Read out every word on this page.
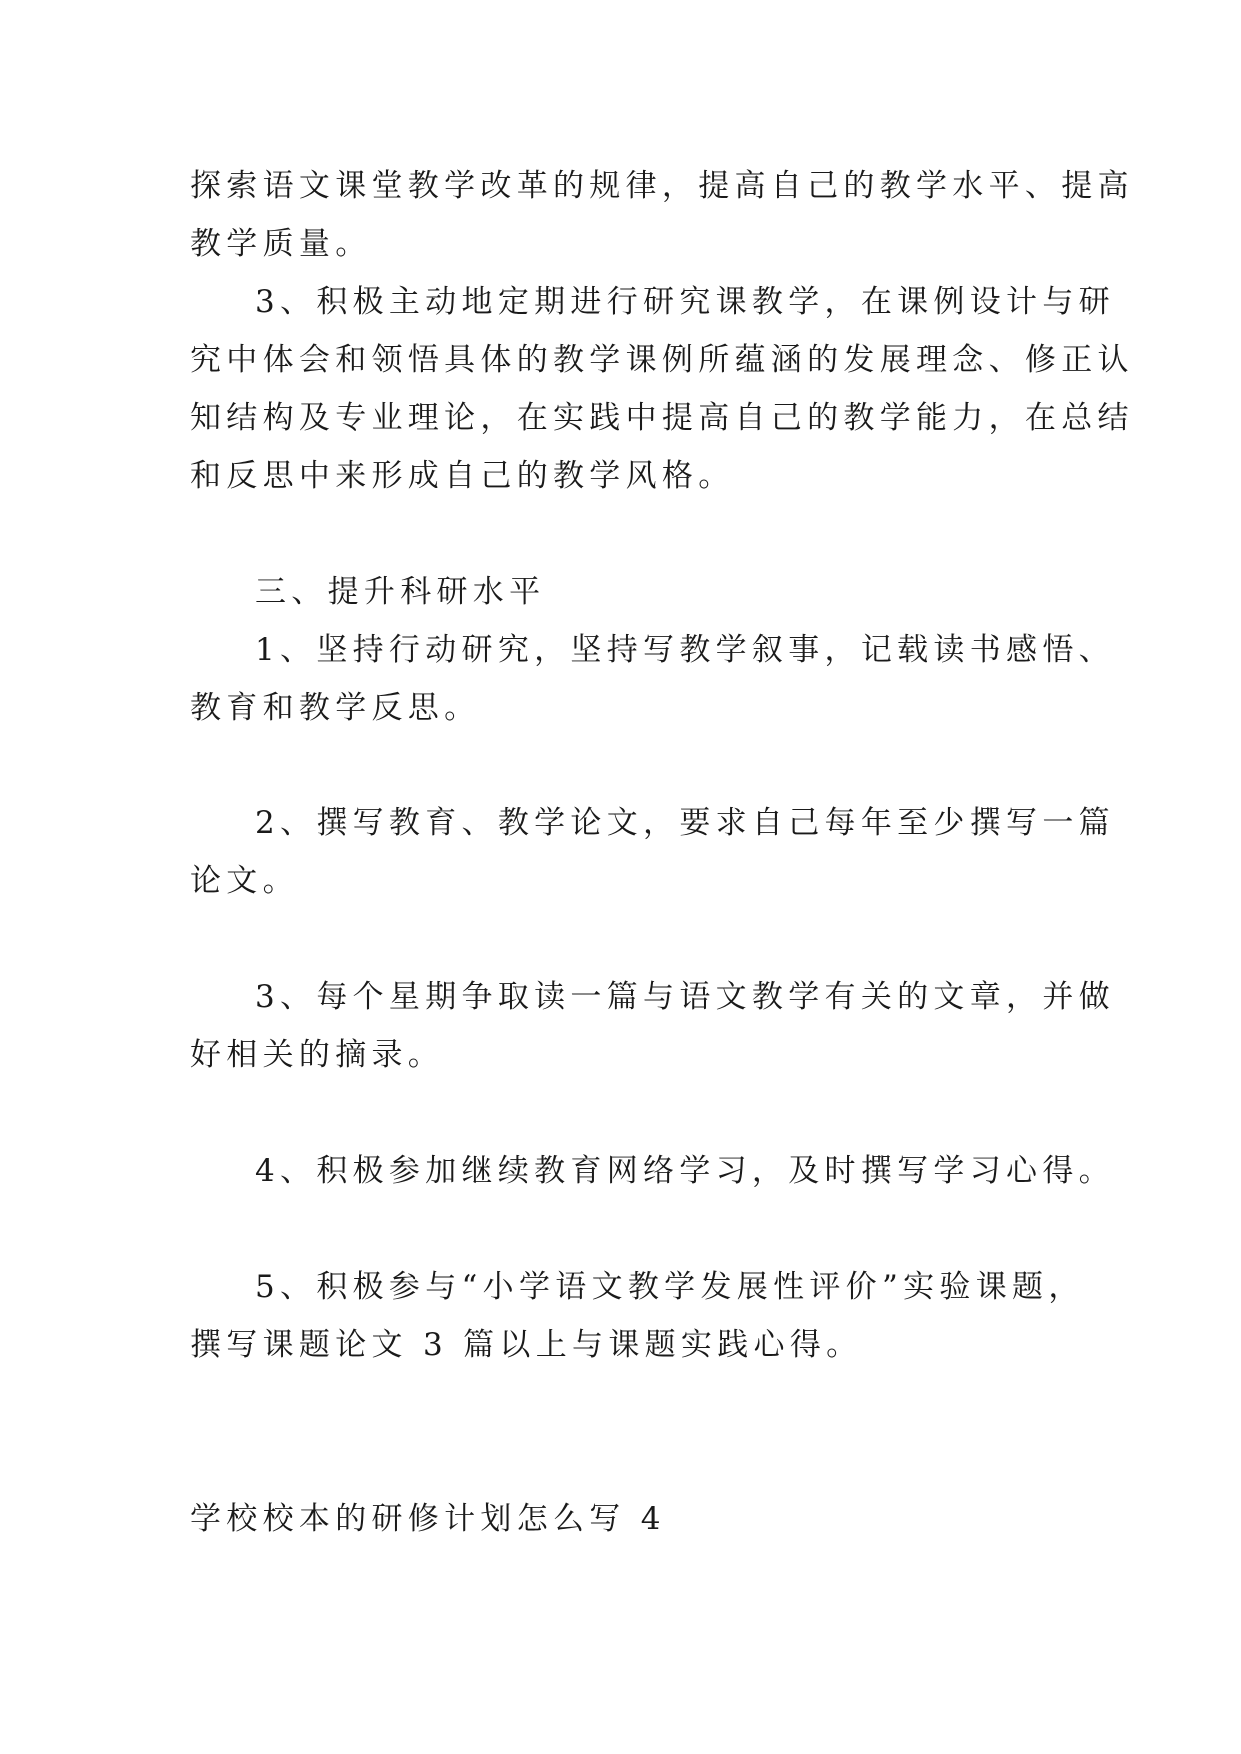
探索语文课堂教学改革的规律，提高自己的教学水平、提高
教学质量。
3、积极主动地定期进行研究课教学，在课例设计与研
究中体会和领悟具体的教学课例所蕴涵的发展理念、修正认
知结构及专业理论，在实践中提高自己的教学能力，在总结
和反思中来形成自己的教学风格。
三、提升科研水平
1、坚持行动研究，坚持写教学叙事，记载读书感悟、
教育和教学反思。
2、撰写教育、教学论文，要求自己每年至少撰写一篇
论文。
3、每个星期争取读一篇与语文教学有关的文章，并做
好相关的摘录。
4、积极参加继续教育网络学习，及时撰写学习心得。
5、积极参与“小学语文教学发展性评价”实验课题，
撰写课题论文 3 篇以上与课题实践心得。
学校校本的研修计划怎么写 4
